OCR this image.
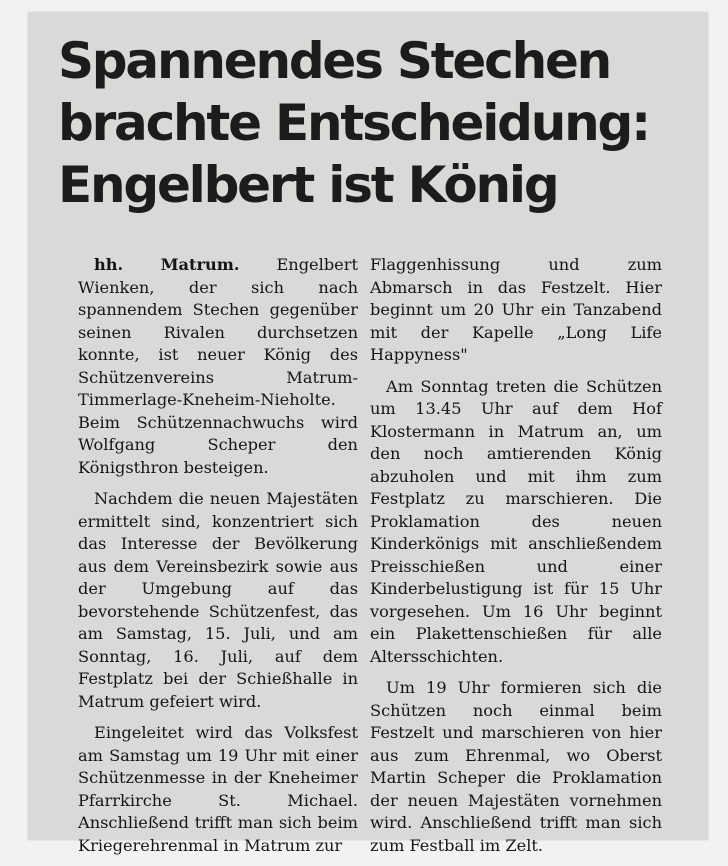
Spannendes Stechen
brachte Entscheidung:
Engelbert ist König

hh. Matrum. Engelbert Wienken, der sich nach spannendem Stechen gegenüber seinen Rivalen durchsetzen konnte, ist neuer König des Schützenvereins Matrum-Timmerlage-Kneheim-Nieholte. Beim Schützennachwuchs wird Wolfgang Scheper den Königsthron besteigen.

Nachdem die neuen Majestäten ermittelt sind, konzentriert sich das Interesse der Bevölkerung aus dem Vereinsbezirk sowie aus der Umgebung auf das bevorstehende Schützenfest, das am Samstag, 15. Juli, und am Sonntag, 16. Juli, auf dem Festplatz bei der Schießhalle in Matrum gefeiert wird.

Eingeleitet wird das Volksfest am Samstag um 19 Uhr mit einer Schützenmesse in der Kneheimer Pfarrkirche St. Michael. Anschließend trifft man sich beim Kriegerehrenmal in Matrum zur

Flaggenhissung und zum Abmarsch in das Festzelt. Hier beginnt um 20 Uhr ein Tanzabend mit der Kapelle „Long Life Happyness"

Am Sonntag treten die Schützen um 13.45 Uhr auf dem Hof Klostermann in Matrum an, um den noch amtierenden König abzuholen und mit ihm zum Festplatz zu marschieren. Die Proklamation des neuen Kinderkönigs mit anschließendem Preisschießen und einer Kinderbelustigung ist für 15 Uhr vorgesehen. Um 16 Uhr beginnt ein Plakettenschießen für alle Altersschichten.

Um 19 Uhr formieren sich die Schützen noch einmal beim Festzelt und marschieren von hier aus zum Ehrenmal, wo Oberst Martin Scheper die Proklamation der neuen Majestäten vornehmen wird. Anschließend trifft man sich zum Festball im Zelt.
